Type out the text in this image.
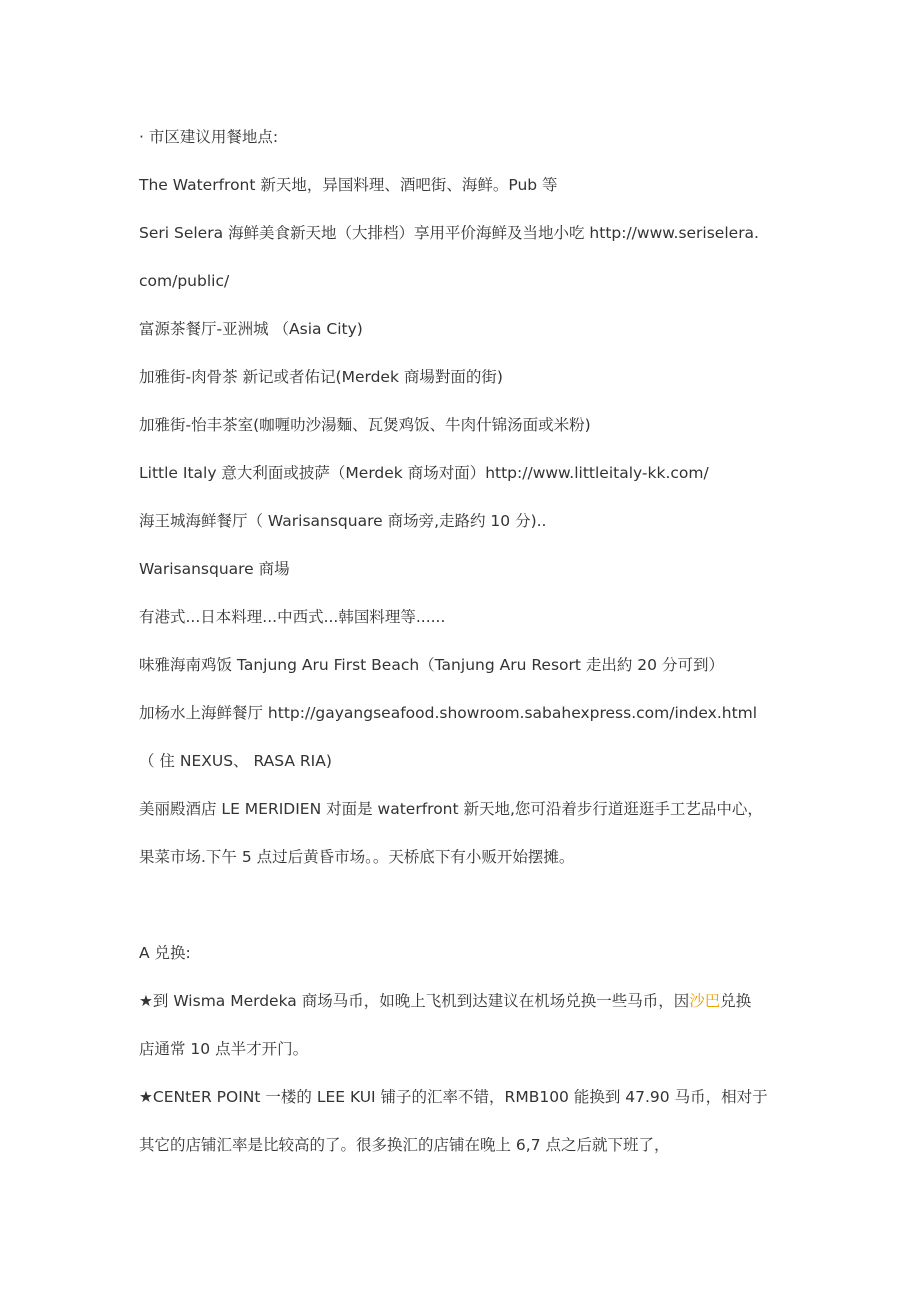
· 市区建议用餐地点:
The Waterfront 新天地，异国料理、酒吧街、海鲜。Pub 等
Seri Selera 海鲜美食新天地（大排档）享用平价海鲜及当地小吃 http://www.seriselera.
com/public/
富源茶餐厅-亚洲城 （Asia City)
加雅街-肉骨茶 新记或者佑记(Merdek 商場對面的街)
加雅街-怡丰茶室(咖喱叻沙湯麵、瓦煲鸡饭、牛肉什锦汤面或米粉)
Little Italy 意大利面或披萨（Merdek 商场对面）http://www.littleitaly-kk.com/
海王城海鲜餐厅（ Warisansquare 商场旁,走路约 10 分)..
Warisansquare 商場
有港式...日本料理...中西式...韩国料理等......
味雅海南鸡饭 Tanjung Aru First Beach（Tanjung Aru Resort 走出約 20 分可到）
加杨水上海鲜餐厅 http://gayangseafood.showroom.sabahexpress.com/index.html
（ 住 NEXUS、 RASA RIA)
美丽殿酒店 LE MERIDIEN 对面是 waterfront 新天地,您可沿着步行道逛逛手工艺品中心，
果菜市场.下午 5 点过后黄昏市场。。天桥底下有小贩开始摆摊。
A 兑换:
★到 Wisma Merdeka 商场马币，如晚上飞机到达建议在机场兑换一些马币，因沙巴兑换
店通常 10 点半才开门。
★CENtER POINt 一楼的 LEE KUI 铺子的汇率不错，RMB100 能换到 47.90 马币，相对于
其它的店铺汇率是比较高的了。很多换汇的店铺在晚上 6,7 点之后就下班了，
